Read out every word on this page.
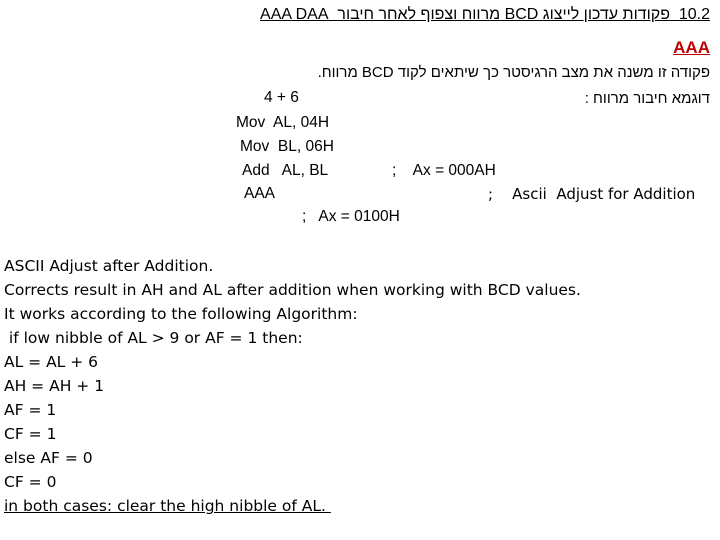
10.2  פקודות עדכון לייצוג BCD מרווח וצפוף לאחר חיבור  AAA DAA
AAA
פקודה זו משנה את מצב הרגיסטר כך שיתאים לקוד BCD מרווח.
דוגמא חיבור מרווח :
4 + 6
Mov  AL, 04H
Mov  BL, 06H
Add   AL, BL
AAA
;    Ax = 000AH
;    Ascii  Adjust for Addition
;   Ax = 0100H
ASCII Adjust after Addition.
Corrects result in AH and AL after addition when working with BCD values.
It works according to the following Algorithm:
if low nibble of AL > 9 or AF = 1 then:
AL = AL + 6
AH = AH + 1
AF = 1
CF = 1
else AF = 0
CF = 0
in both cases: clear the high nibble of AL.
